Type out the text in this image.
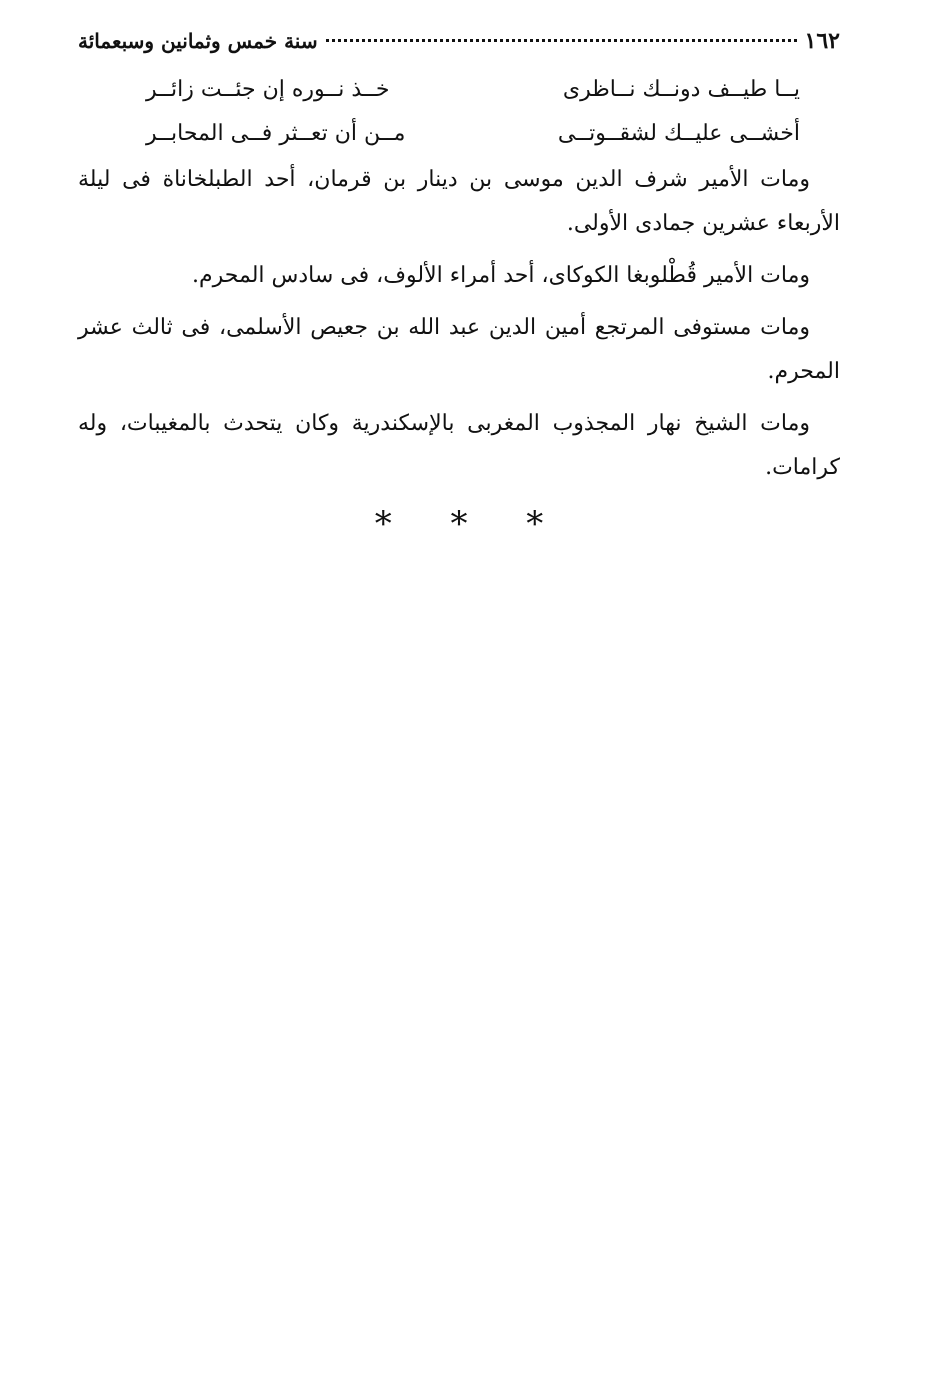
١٦٢
سنة خمس وثمانين وسبعمائة
يــا طيــف دونــك نــاظرى
خــذ نــوره إن جئــت زائــر
أخشــى عليــك لشقــوتــى
مــن أن تعــثر فــى المحابــر

ومات الأمير شرف الدين موسى بن دينار بن قرمان، أحد الطبلخاناة فى ليلة الأربعاء عشرين جمادى الأولى.

ومات الأمير قُطْلوبغا الكوكاى، أحد أمراء الألوف، فى سادس المحرم.

ومات مستوفى المرتجع أمين الدين عبد الله بن جعيص الأسلمى، فى ثالث عشر المحرم.

ومات الشيخ نهار المجذوب المغربى بالإسكندرية وكان يتحدث بالمغيبات، وله كرامات.

* * *
